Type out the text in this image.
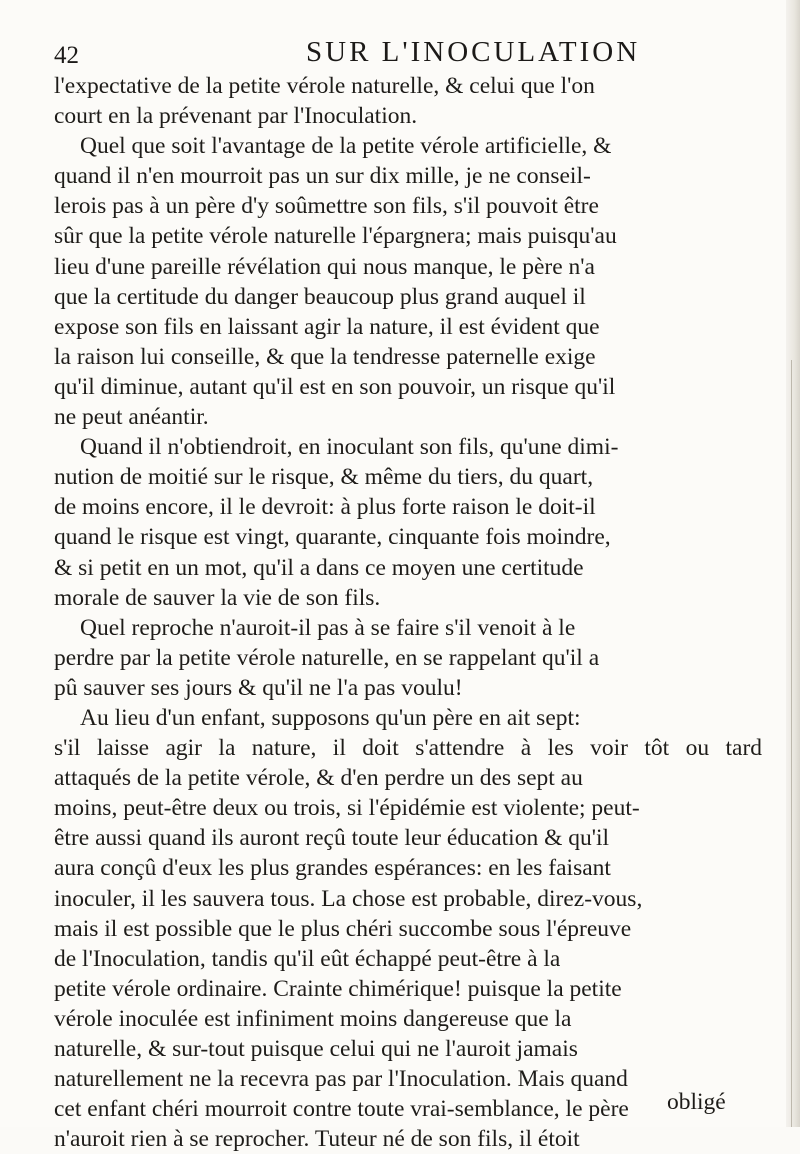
42	SUR L'INOCULATION
l'expectative de la petite vérole naturelle, & celui que l'on
court en la prévenant par l'Inoculation.
Quel que soit l'avantage de la petite vérole artificielle, &
quand il n'en mourroit pas un sur dix mille, je ne conseil-
lerois pas à un père d'y soûmettre son fils, s'il pouvoit être
sûr que la petite vérole naturelle l'épargnera; mais puisqu'au
lieu d'une pareille révélation qui nous manque, le père n'a
que la certitude du danger beaucoup plus grand auquel il
expose son fils en laissant agir la nature, il est évident que
la raison lui conseille, & que la tendresse paternelle exige
qu'il diminue, autant qu'il est en son pouvoir, un risque qu'il
ne peut anéantir.
Quand il n'obtiendroit, en inoculant son fils, qu'une dimi-
nution de moitié sur le risque, & même du tiers, du quart,
de moins encore, il le devroit: à plus forte raison le doit-il
quand le risque est vingt, quarante, cinquante fois moindre,
& si petit en un mot, qu'il a dans ce moyen une certitude
morale de sauver la vie de son fils.
Quel reproche n'auroit-il pas à se faire s'il venoit à le
perdre par la petite vérole naturelle, en se rappelant qu'il a
pû sauver ses jours & qu'il ne l'a pas voulu!
Au lieu d'un enfant, supposons qu'un père en ait sept:
s'il laisse agir la nature, il doit s'attendre à les voir tôt ou tard
attaqués de la petite vérole, & d'en perdre un des sept au
moins, peut-être deux ou trois, si l'épidémie est violente; peut-
être aussi quand ils auront reçû toute leur éducation & qu'il
aura conçû d'eux les plus grandes espérances: en les faisant
inoculer, il les sauvera tous. La chose est probable, direz-vous,
mais il est possible que le plus chéri succombe sous l'épreuve
de l'Inoculation, tandis qu'il eût échappé peut-être à la
petite vérole ordinaire. Crainte chimérique! puisque la petite
vérole inoculée est infiniment moins dangereuse que la
naturelle, & sur-tout puisque celui qui ne l'auroit jamais
naturellement ne la recevra pas par l'Inoculation. Mais quand
cet enfant chéri mourroit contre toute vrai-semblance, le père
n'auroit rien à se reprocher. Tuteur né de son fils, il étoit
obligé
